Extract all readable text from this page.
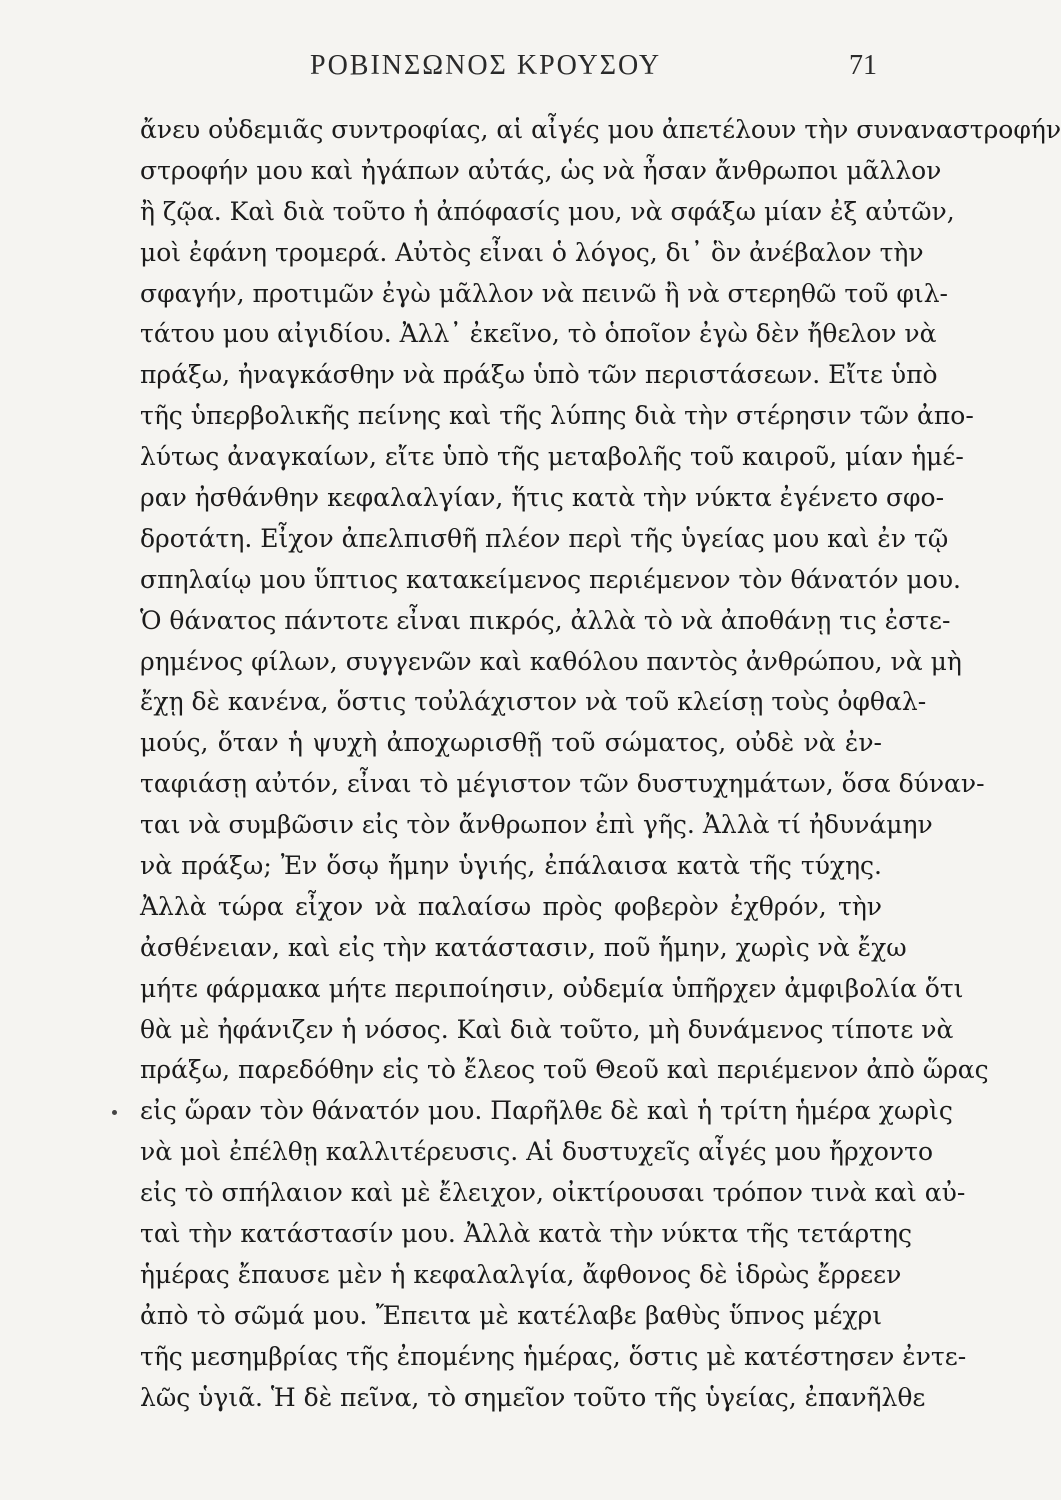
ΡΟΒΙΝΣΩΝΟΣ ΚΡΟΥΣΟΥ	71
ἄνευ οὐδεμιᾶς συντροφίας, αἱ αἶγές μου ἀπετέλουν τὴν συναναστροφήν
στροφήν μου καὶ ἠγάπων αὐτάς, ὡς νὰ ἦσαν ἄνθρωποι μᾶλλον
ἢ ζῷα. Καὶ διὰ τοῦτο ἡ ἀπόφασίς μου, νὰ σφάξω μίαν ἐξ αὐτῶν,
μοὶ ἐφάνη τρομερά. Αὐτὸς εἶναι ὁ λόγος, δι᾽ ὃν ἀνέβαλον τὴν
σφαγήν, προτιμῶν ἐγὼ μᾶλλον νὰ πεινῶ ἢ νὰ στερηθῶ τοῦ φιλ-
τάτου μου αἰγιδίου. Ἀλλ᾽ ἐκεῖνο, τὸ ὁποῖον ἐγὼ δὲν ἤθελον νὰ
πράξω, ἠναγκάσθην νὰ πράξω ὑπὸ τῶν περιστάσεων. Εἴτε ὑπὸ
τῆς ὑπερβολικῆς πείνης καὶ τῆς λύπης διὰ τὴν στέρησιν τῶν ἀπο-
λύτως ἀναγκαίων, εἴτε ὑπὸ τῆς μεταβολῆς τοῦ καιροῦ, μίαν ἡμέ-
ραν ἠσθάνθην κεφαλαλγίαν, ἥτις κατὰ τὴν νύκτα ἐγένετο σφο-
δροτάτη. Εἶχον ἀπελπισθῆ πλέον περὶ τῆς ὑγείας μου καὶ ἐν τῷ
σπηλαίῳ μου ὕπτιος κατακείμενος περιέμενον τὸν θάνατόν μου.
Ὁ θάνατος πάντοτε εἶναι πικρός, ἀλλὰ τὸ νὰ ἀποθάνῃ τις ἐστε-
ρημένος φίλων, συγγενῶν καὶ καθόλου παντὸς ἀνθρώπου, νὰ μὴ
ἔχῃ δὲ κανένα, ὅστις τοὐλάχιστον νὰ τοῦ κλείσῃ τοὺς ὀφθαλ-
μούς, ὅταν ἡ ψυχὴ ἀποχωρισθῇ τοῦ σώματος, οὐδὲ νὰ ἐν-
ταφιάσῃ αὐτόν, εἶναι τὸ μέγιστον τῶν δυστυχημάτων, ὅσα δύναν-
ται νὰ συμβῶσιν εἰς τὸν ἄνθρωπον ἐπὶ γῆς. Ἀλλὰ τί ἠδυνάμην
νὰ πράξω; Ἐν ὅσῳ ἤμην ὑγιής, ἐπάλαισα κατὰ τῆς τύχης.
Ἀλλὰ τώρα εἶχον νὰ παλαίσω πρὸς φοβερὸν ἐχθρόν, τὴν
ἀσθένειαν, καὶ εἰς τὴν κατάστασιν, ποῦ ἤμην, χωρὶς νὰ ἔχω
μήτε φάρμακα μήτε περιποίησιν, οὐδεμία ὑπῆρχεν ἀμφιβολία ὅτι
θὰ μὲ ἠφάνιζεν ἡ νόσος. Καὶ διὰ τοῦτο, μὴ δυνάμενος τίποτε νὰ
πράξω, παρεδόθην εἰς τὸ ἔλεος τοῦ Θεοῦ καὶ περιέμενον ἀπὸ ὥρας
εἰς ὥραν τὸν θάνατόν μου. Παρῆλθε δὲ καὶ ἡ τρίτη ἡμέρα χωρὶς
νὰ μοὶ ἐπέλθῃ καλλιτέρευσις. Αἱ δυστυχεῖς αἶγές μου ἤρχοντο
εἰς τὸ σπήλαιον καὶ μὲ ἔλειχον, οἰκτίρουσαι τρόπον τινὰ καὶ αὐ-
ταὶ τὴν κατάστασίν μου. Ἀλλὰ κατὰ τὴν νύκτα τῆς τετάρτης
ἡμέρας ἔπαυσε μὲν ἡ κεφαλαλγία, ἄφθονος δὲ ἱδρὼς ἔρρεεν
ἀπὸ τὸ σῶμά μου. Ἔπειτα μὲ κατέλαβε βαθὺς ὕπνος μέχρι
τῆς μεσημβρίας τῆς ἐπομένης ἡμέρας, ὅστις μὲ κατέστησεν ἐντε-
λῶς ὑγιᾶ. Ἡ δὲ πεῖνα, τὸ σημεῖον τοῦτο τῆς ὑγείας, ἐπανῆλθε
